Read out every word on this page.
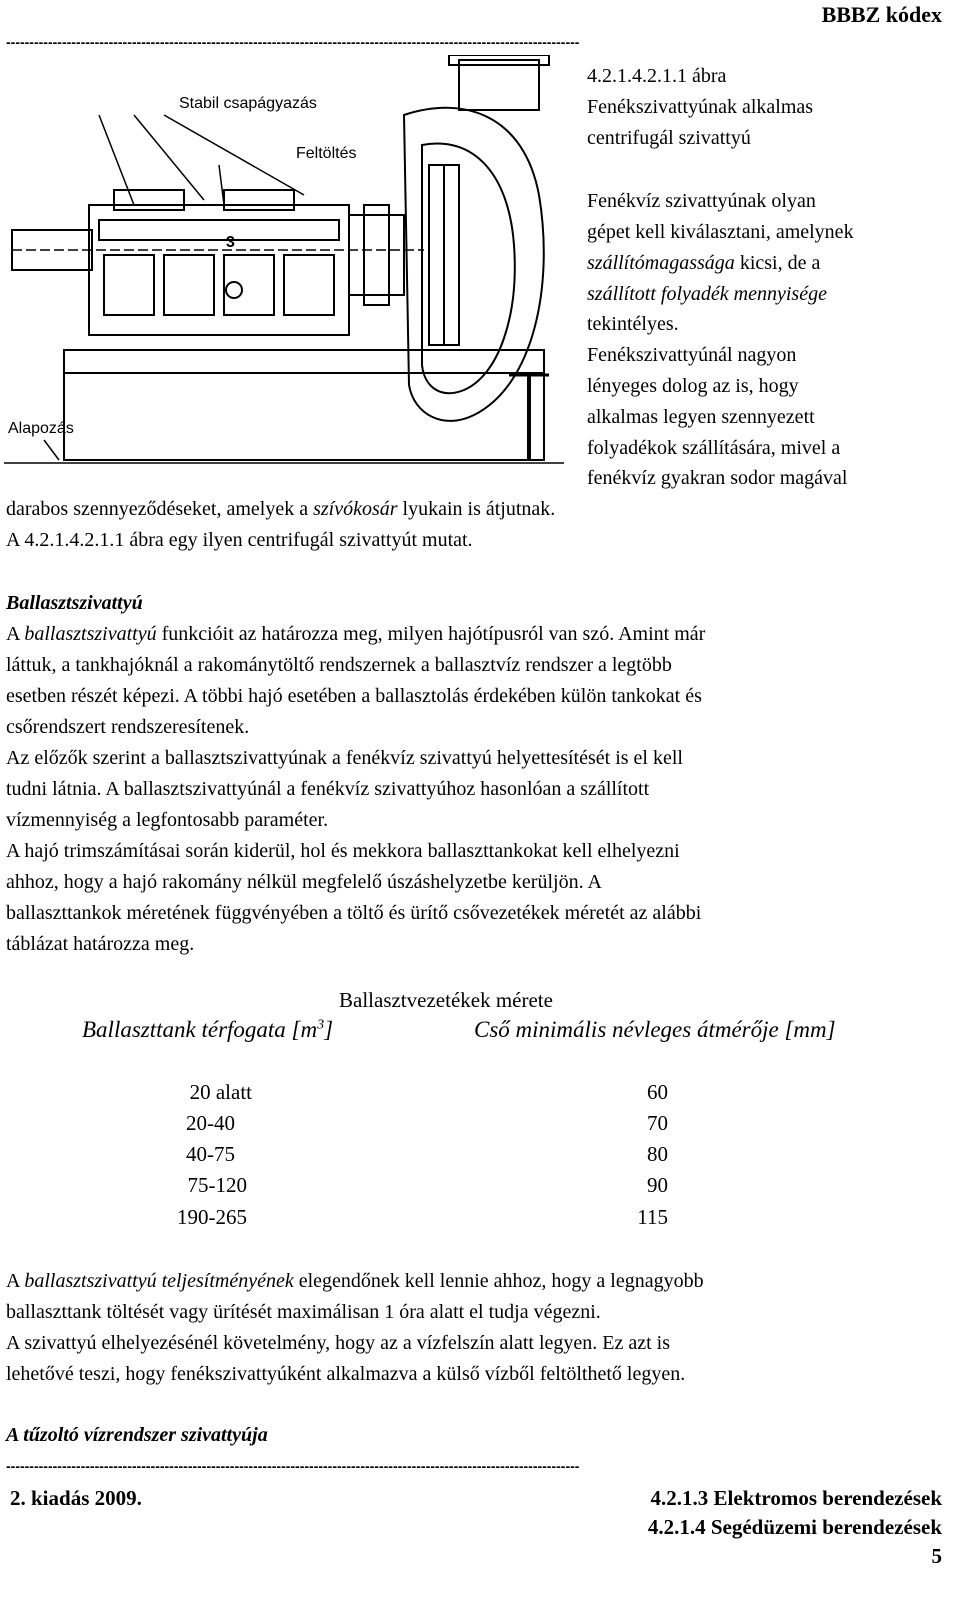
BBBZ kódex
---------------------------------------------------------------------------------------------------------------------------
Stabil csapágyazás
Feltöltés
Alapozás
3
4.2.1.4.2.1.1 ábra
Fenékszivattyúnak alkalmas
centrifugál szivattyú
Fenékvíz szivattyúnak olyan
gépet kell kiválasztani, amelynek
szállítómagassága kicsi, de a
szállított folyadék mennyisége
tekintélyes.
Fenékszivattyúnál nagyon
lényeges dolog az is, hogy
alkalmas legyen szennyezett
folyadékok szállítására, mivel a
fenékvíz gyakran sodor magával
darabos szennyeződéseket, amelyek a szívókosár lyukain is átjutnak.
A 4.2.1.4.2.1.1 ábra egy ilyen centrifugál szivattyút mutat.
Ballasztszivattyú
A ballasztszivattyú funkcióit az határozza meg, milyen hajótípusról van szó. Amint már
láttuk, a tankhajóknál a rakománytöltő rendszernek a ballasztvíz rendszer a legtöbb
esetben részét képezi. A többi hajó esetében a ballasztolás érdekében külön tankokat és
csőrendszert rendszeresítenek.
Az előzők szerint a ballasztszivattyúnak a fenékvíz szivattyú helyettesítését is el kell
tudni látnia. A ballasztszivattyúnál a fenékvíz szivattyúhoz hasonlóan a szállított
vízmennyiség a legfontosabb paraméter.
A hajó trimszámításai során kiderül, hol és mekkora ballaszttankokat kell elhelyezni
ahhoz, hogy a hajó rakomány nélkül megfelelő úszáshelyzetbe kerüljön. A
ballaszttankok méretének függvényében a töltő és ürítő csővezetékek méretét az alábbi
táblázat határozza meg.
Ballasztvezetékek mérete
Ballaszttank térfogata $[m^3]$	Cső minimális névleges átmérője [mm]
20 alatt	60
20-40	70
40-75	80
75-120	90
190-265	115
A ballasztszivattyú teljesítményének elegendőnek kell lennie ahhoz, hogy a legnagyobb
ballaszttank töltését vagy ürítését maximálisan 1 óra alatt el tudja végezni.
A szivattyú elhelyezésénél követelmény, hogy az a vízfelszín alatt legyen. Ez azt is
lehetővé teszi, hogy fenékszivattyúként alkalmazva a külső vízből feltölthető legyen.
A tűzoltó vízrendszer szivattyúja
---------------------------------------------------------------------------------------------------------------------------
2. kiadás 2009.	4.2.1.3 Elektromos berendezések
4.2.1.4 Segédüzemi berendezések
5
